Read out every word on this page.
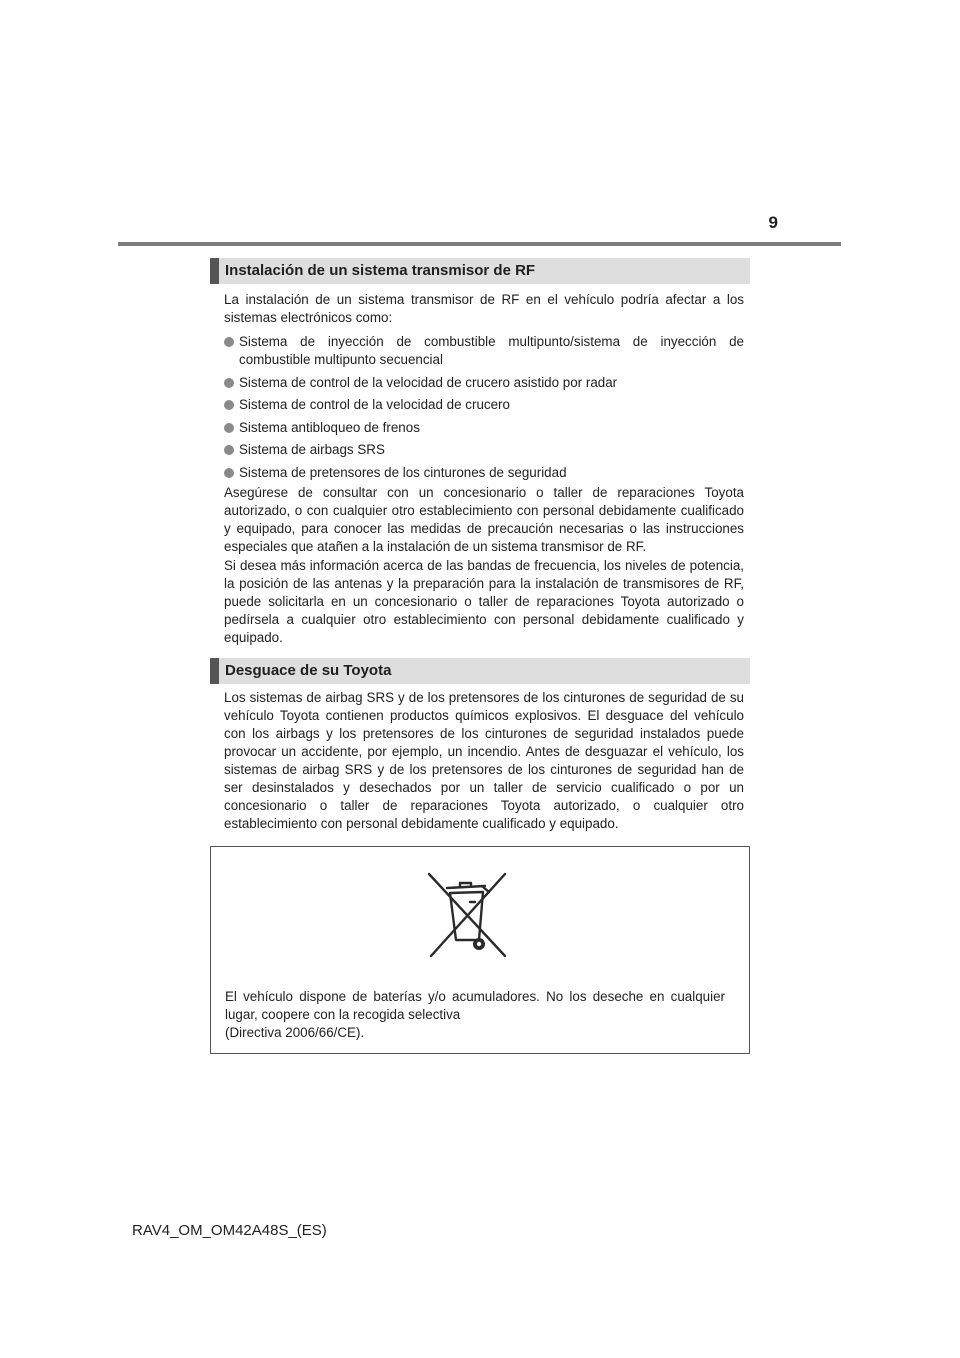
9
Instalación de un sistema transmisor de RF

La instalación de un sistema transmisor de RF en el vehículo podría afectar a los sistemas electrónicos como:

Sistema de inyección de combustible multipunto/sistema de inyección de combustible multipunto secuencial
Sistema de control de la velocidad de crucero asistido por radar
Sistema de control de la velocidad de crucero
Sistema antibloqueo de frenos
Sistema de airbags SRS
Sistema de pretensores de los cinturones de seguridad

Asegúrese de consultar con un concesionario o taller de reparaciones Toyota autorizado, o con cualquier otro establecimiento con personal debidamente cualificado y equipado, para conocer las medidas de precaución necesarias o las instrucciones especiales que atañen a la instalación de un sistema transmisor de RF.

Si desea más información acerca de las bandas de frecuencia, los niveles de potencia, la posición de las antenas y la preparación para la instalación de transmisores de RF, puede solicitarla en un concesionario o taller de reparaciones Toyota autorizado o pedírsela a cualquier otro establecimiento con personal debidamente cualificado y equipado.

Desguace de su Toyota

Los sistemas de airbag SRS y de los pretensores de los cinturones de seguridad de su vehículo Toyota contienen productos químicos explosivos. El desguace del vehículo con los airbags y los pretensores de los cinturones de seguridad instalados puede provocar un accidente, por ejemplo, un incendio. Antes de desguazar el vehículo, los sistemas de airbag SRS y de los pretensores de los cinturones de seguridad han de ser desinstalados y desechados por un taller de servicio cualificado o por un concesionario o taller de reparaciones Toyota autorizado, o cualquier otro establecimiento con personal debidamente cualificado y equipado.

El vehículo dispone de baterías y/o acumuladores. No los deseche en cualquier
lugar, coopere con la recogida selectiva
(Directiva 2006/66/CE).

RAV4_OM_OM42A48S_(ES)
